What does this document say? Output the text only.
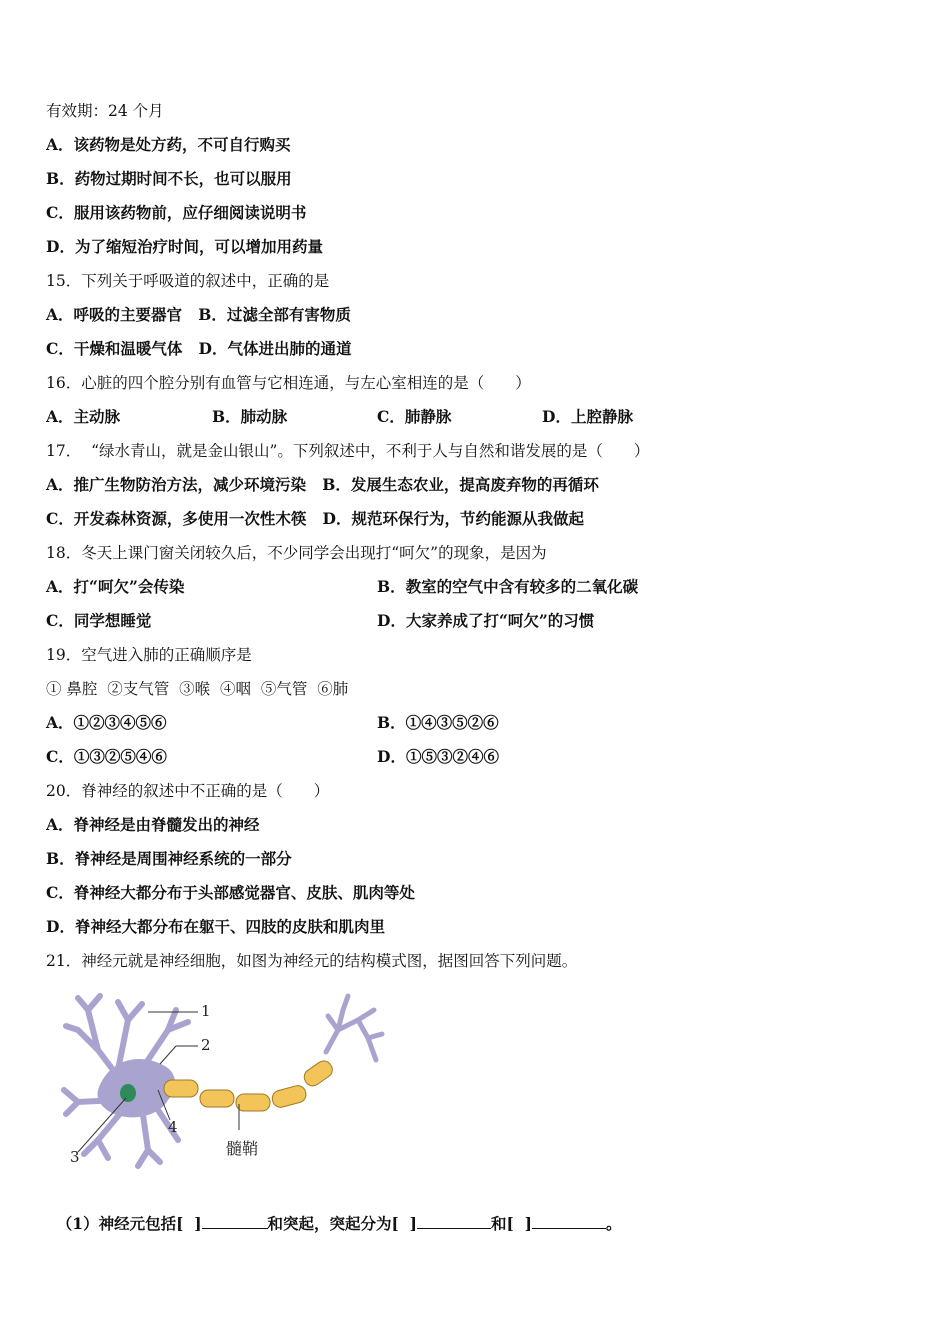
有效期：24 个月
A．该药物是处方药，不可自行购买
B．药物过期时间不长，也可以服用
C．服用该药物前，应仔细阅读说明书
D．为了缩短治疗时间，可以增加用药量
15．下列关于呼吸道的叙述中，正确的是
A．呼吸的主要器官   B．过滤全部有害物质
C．干燥和温暖气体   D．气体进出肺的通道
16．心脏的四个腔分别有血管与它相连通，与左心室相连的是（　　）
A．主动脉	B．肺动脉	C．肺静脉	D．上腔静脉
17．  “绿水青山，就是金山银山”。下列叙述中，不利于人与自然和谐发展的是（　　）
A．推广生物防治方法，减少环境污染   B．发展生态农业，提高废弃物的再循环
C．开发森林资源，多使用一次性木筷   D．规范环保行为，节约能源从我做起
18．冬天上课门窗关闭较久后，不少同学会出现打“呵欠”的现象，是因为
A．打“呵欠”会传染	B．教室的空气中含有较多的二氧化碳
C．同学想睡觉	D．大家养成了打“呵欠”的习惯
19．空气进入肺的正确顺序是
① 鼻腔  ②支气管  ③喉  ④咽  ⑤气管  ⑥肺
A．①②③④⑤⑥	B．①④③⑤②⑥
C．①③②⑤④⑥	D．①⑤③②④⑥
20．脊神经的叙述中不正确的是（　　）
A．脊神经是由脊髓发出的神经
B．脊神经是周围神经系统的一部分
C．脊神经大都分布于头部感觉器官、皮肤、肌肉等处
D．脊神经大都分布在躯干、四肢的皮肤和肌肉里
21．神经元就是神经细胞，如图为神经元的结构模式图，据图回答下列问题。
1
2
3
4
髓鞘

（1）神经元包括[  ]	和突起，突起分为[  ]	和[  ]	。
